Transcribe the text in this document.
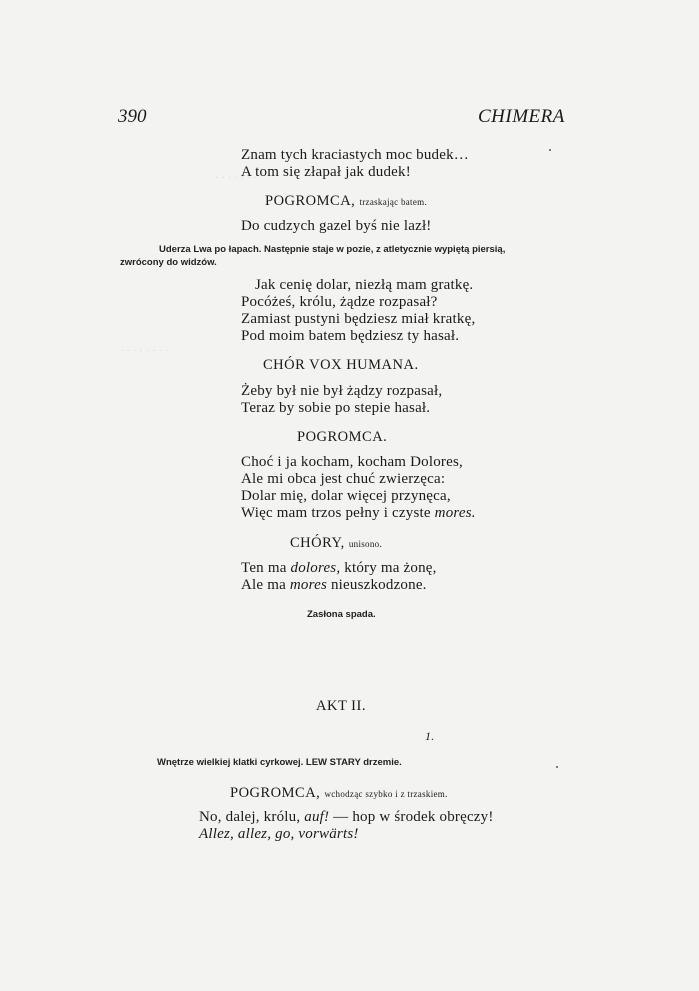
· · · · · · ·
· · · · · · · ·
390	CHIMERA
Znam tych kraciastych moc budek…
A tom się złapał jak dudek!
POGROMCA, trzaskając batem.
Do cudzych gazel byś nie lazł!
Uderza Lwa po łapach. Następnie staje w pozie, z atletycznie wypiętą piersią,
zwrócony do widzów.
Jak cenię dolar, niezłą mam gratkę.
Pocóżeś, królu, żądze rozpasał?
Zamiast pustyni będziesz miał kratkę,
Pod moim batem będziesz ty hasał.
CHÓR VOX HUMANA.
Żeby był nie był żądzy rozpasał,
Teraz by sobie po stepie hasał.
POGROMCA.
Choć i ja kocham, kocham Dolores,
Ale mi obca jest chuć zwierzęca:
Dolar mię, dolar więcej przynęca,
Więc mam trzos pełny i czyste mores.
CHÓRY, unisono.
Ten ma dolores, który ma żonę,
Ale ma mores nieuszkodzone.
Zasłona spada.
AKT II.
1.
Wnętrze wielkiej klatki cyrkowej. LEW STARY drzemie.
POGROMCA, wchodząc szybko i z trzaskiem.
No, dalej, królu, auf! — hop w środek obręczy!
Allez, allez, go, vorwärts!
